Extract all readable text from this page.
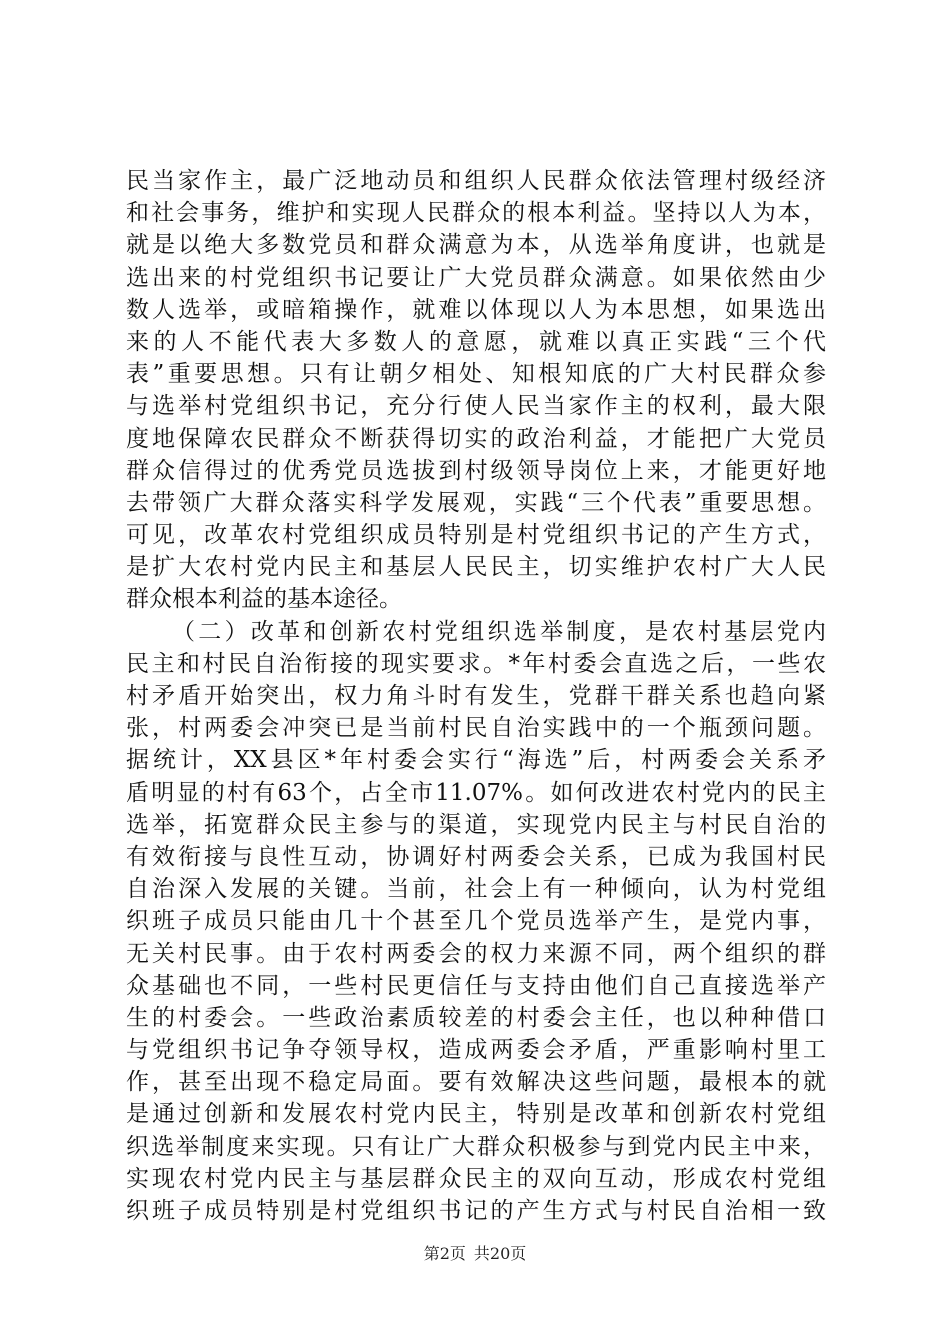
民当家作主，最广泛地动员和组织人民群众依法管理村级经济
和社会事务，维护和实现人民群众的根本利益。坚持以人为本，
就是以绝大多数党员和群众满意为本，从选举角度讲，也就是
选出来的村党组织书记要让广大党员群众满意。如果依然由少
数人选举，或暗箱操作，就难以体现以人为本思想，如果选出
来的人不能代表大多数人的意愿，就难以真正实践“三个代
表”重要思想。只有让朝夕相处、知根知底的广大村民群众参
与选举村党组织书记，充分行使人民当家作主的权利，最大限
度地保障农民群众不断获得切实的政治利益，才能把广大党员
群众信得过的优秀党员选拔到村级领导岗位上来，才能更好地
去带领广大群众落实科学发展观，实践“三个代表”重要思想。
可见，改革农村党组织成员特别是村党组织书记的产生方式，
是扩大农村党内民主和基层人民民主，切实维护农村广大人民
群众根本利益的基本途径。
（二）改革和创新农村党组织选举制度，是农村基层党内
民主和村民自治衔接的现实要求。*年村委会直选之后，一些农
村矛盾开始突出，权力角斗时有发生，党群干群关系也趋向紧
张，村两委会冲突已是当前村民自治实践中的一个瓶颈问题。
据统计，XX县区*年村委会实行“海选”后，村两委会关系矛
盾明显的村有63个，占全市11.07%。如何改进农村党内的民主
选举，拓宽群众民主参与的渠道，实现党内民主与村民自治的
有效衔接与良性互动，协调好村两委会关系，已成为我国村民
自治深入发展的关键。当前，社会上有一种倾向，认为村党组
织班子成员只能由几十个甚至几个党员选举产生，是党内事，
无关村民事。由于农村两委会的权力来源不同，两个组织的群
众基础也不同，一些村民更信任与支持由他们自己直接选举产
生的村委会。一些政治素质较差的村委会主任，也以种种借口
与党组织书记争夺领导权，造成两委会矛盾，严重影响村里工
作，甚至出现不稳定局面。要有效解决这些问题，最根本的就
是通过创新和发展农村党内民主，特别是改革和创新农村党组
织选举制度来实现。只有让广大群众积极参与到党内民主中来，
实现农村党内民主与基层群众民主的双向互动，形成农村党组
织班子成员特别是村党组织书记的产生方式与村民自治相一致
第2页 共20页
